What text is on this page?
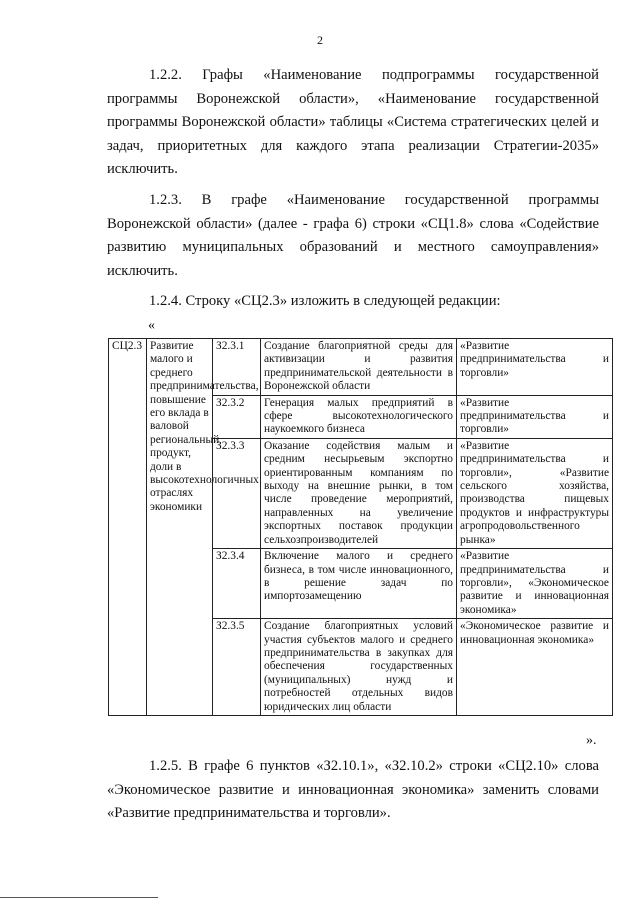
2

1.2.2. Графы «Наименование подпрограммы государственной программы Воронежской области», «Наименование государственной программы Воронежской области» таблицы «Система стратегических целей и задач, приоритетных для каждого этапа реализации Стратегии-2035» исключить.

1.2.3. В графе «Наименование государственной программы Воронежской области» (далее - графа 6) строки «СЦ1.8» слова «Содействие развитию муниципальных образований и местного самоуправления» исключить.

1.2.4. Строку «СЦ2.3» изложить в следующей редакции:

«
СЦ2.3	Развитие малого и среднего предпринимательства, повышение его вклада в валовой региональный продукт, доли в высокотехнологичных отраслях экономики	З2.3.1	Создание благоприятной среды для активизации и развития предпринимательской деятельности в Воронежской области	«Развитие предпринимательства и торговли»
		З2.3.2	Генерация малых предприятий в сфере высокотехнологического наукоемкого бизнеса	«Развитие предпринимательства и торговли»
		З2.3.3	Оказание содействия малым и средним несырьевым экспортно ориентированным компаниям по выходу на внешние рынки, в том числе проведение мероприятий, направленных на увеличение экспортных поставок продукции сельхозпроизводителей	«Развитие предпринимательства и торговли», «Развитие сельского хозяйства, производства пищевых продуктов и инфраструктуры агропродовольственного рынка»
		З2.3.4	Включение малого и среднего бизнеса, в том числе инновационного, в решение задач по импортозамещению	«Развитие предпринимательства и торговли», «Экономическое развитие и инновационная экономика»
		З2.3.5	Создание благоприятных условий участия субъектов малого и среднего предпринимательства в закупках для обеспечения государственных (муниципальных) нужд и потребностей отдельных видов юридических лиц области	«Экономическое развитие и инновационная экономика»
».

1.2.5. В графе 6 пунктов «З2.10.1», «З2.10.2» строки «СЦ2.10» слова «Экономическое развитие и инновационная экономика» заменить словами «Развитие предпринимательства и торговли».
